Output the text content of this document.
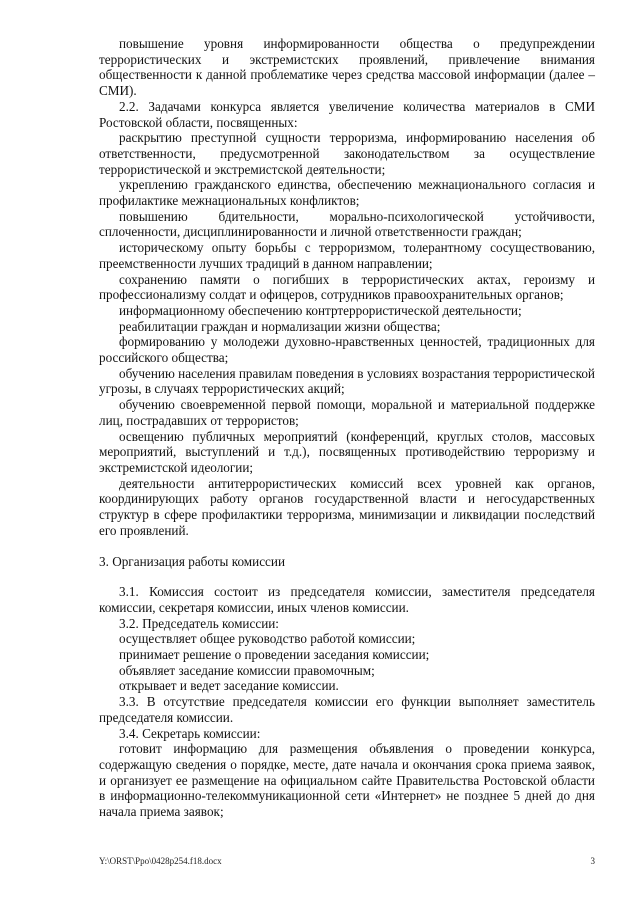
повышение уровня информированности общества о предупреждении террористических и экстремистских проявлений, привлечение внимания общественности к данной проблематике через средства массовой информации (далее – СМИ).

2.2. Задачами конкурса является увеличение количества материалов в СМИ Ростовской области, посвященных:

раскрытию преступной сущности терроризма, информированию населения об ответственности, предусмотренной законодательством за осуществление террористической и экстремистской деятельности;

укреплению гражданского единства, обеспечению межнационального согласия и профилактике межнациональных конфликтов;

повышению бдительности, морально-психологической устойчивости, сплоченности, дисциплинированности и личной ответственности граждан;

историческому опыту борьбы с терроризмом, толерантному сосуществованию, преемственности лучших традиций в данном направлении;

сохранению памяти о погибших в террористических актах, героизму и профессионализму солдат и офицеров, сотрудников правоохранительных органов;

информационному обеспечению контртеррористической деятельности;

реабилитации граждан и нормализации жизни общества;

формированию у молодежи духовно-нравственных ценностей, традиционных для российского общества;

обучению населения правилам поведения в условиях возрастания террористической угрозы, в случаях террористических акций;

обучению своевременной первой помощи, моральной и материальной поддержке лиц, пострадавших от террористов;

освещению публичных мероприятий (конференций, круглых столов, массовых мероприятий, выступлений и т.д.), посвященных противодействию терроризму и экстремистской идеологии;

деятельности антитеррористических комиссий всех уровней как органов, координирующих работу органов государственной власти и негосударственных структур в сфере профилактики терроризма, минимизации и ликвидации последствий его проявлений.

3. Организация работы комиссии

3.1. Комиссия состоит из председателя комиссии, заместителя председателя комиссии, секретаря комиссии, иных членов комиссии.

3.2. Председатель комиссии:

осуществляет общее руководство работой комиссии;

принимает решение о проведении заседания комиссии;

объявляет заседание комиссии правомочным;

открывает и ведет заседание комиссии.

3.3. В отсутствие председателя комиссии его функции выполняет заместитель председателя комиссии.

3.4. Секретарь комиссии:

готовит информацию для размещения объявления о проведении конкурса, содержащую сведения о порядке, месте, дате начала и окончания срока приема заявок, и организует ее размещение на официальном сайте Правительства Ростовской области в информационно-телекоммуникационной сети «Интернет» не позднее 5 дней до дня начала приема заявок;

Y:\ORST\Ppo\0428p254.f18.docx	3
